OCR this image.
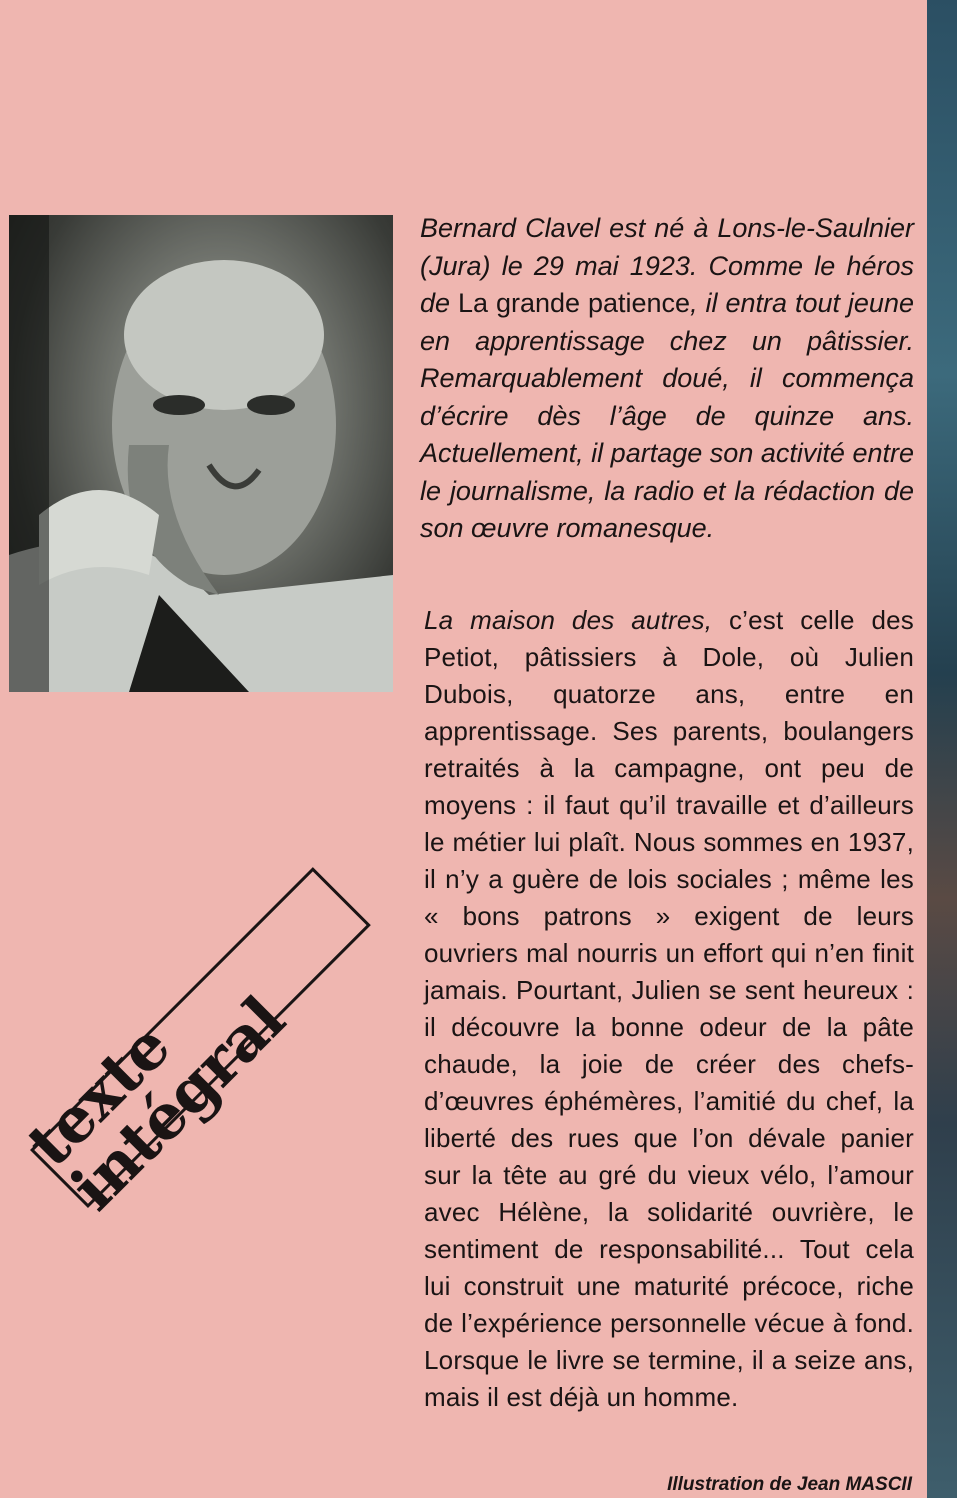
Bernard Clavel est né à Lons-le-Saulnier (Jura) le 29 mai 1923. Comme le héros de La grande patience, il entra tout jeune en apprentissage chez un pâtissier. Remarquablement doué, il commença d’écrire dès l’âge de quinze ans. Actuellement, il partage son activité entre le journalisme, la radio et la rédaction de son œuvre romanesque.

La maison des autres, c’est celle des Petiot, pâtissiers à Dole, où Julien Dubois, quatorze ans, entre en apprentissage. Ses parents, boulangers retraités à la campagne, ont peu de moyens : il faut qu’il travaille et d’ailleurs le métier lui plaît. Nous sommes en 1937, il n’y a guère de lois sociales ; même les « bons patrons » exigent de leurs ouvriers mal nourris un effort qui n’en finit jamais. Pourtant, Julien se sent heureux : il découvre la bonne odeur de la pâte chaude, la joie de créer des chefs-d’œuvres éphémères, l’amitié du chef, la liberté des rues que l’on dévale panier sur la tête au gré du vieux vélo, l’amour avec Hélène, la solidarité ouvrière, le sentiment de responsabilité... Tout cela lui construit une maturité précoce, riche de l’expérience personnelle vécue à fond. Lorsque le livre se termine, il a seize ans, mais il est déjà un homme.

texte intégral
Illustration de Jean MASCII
